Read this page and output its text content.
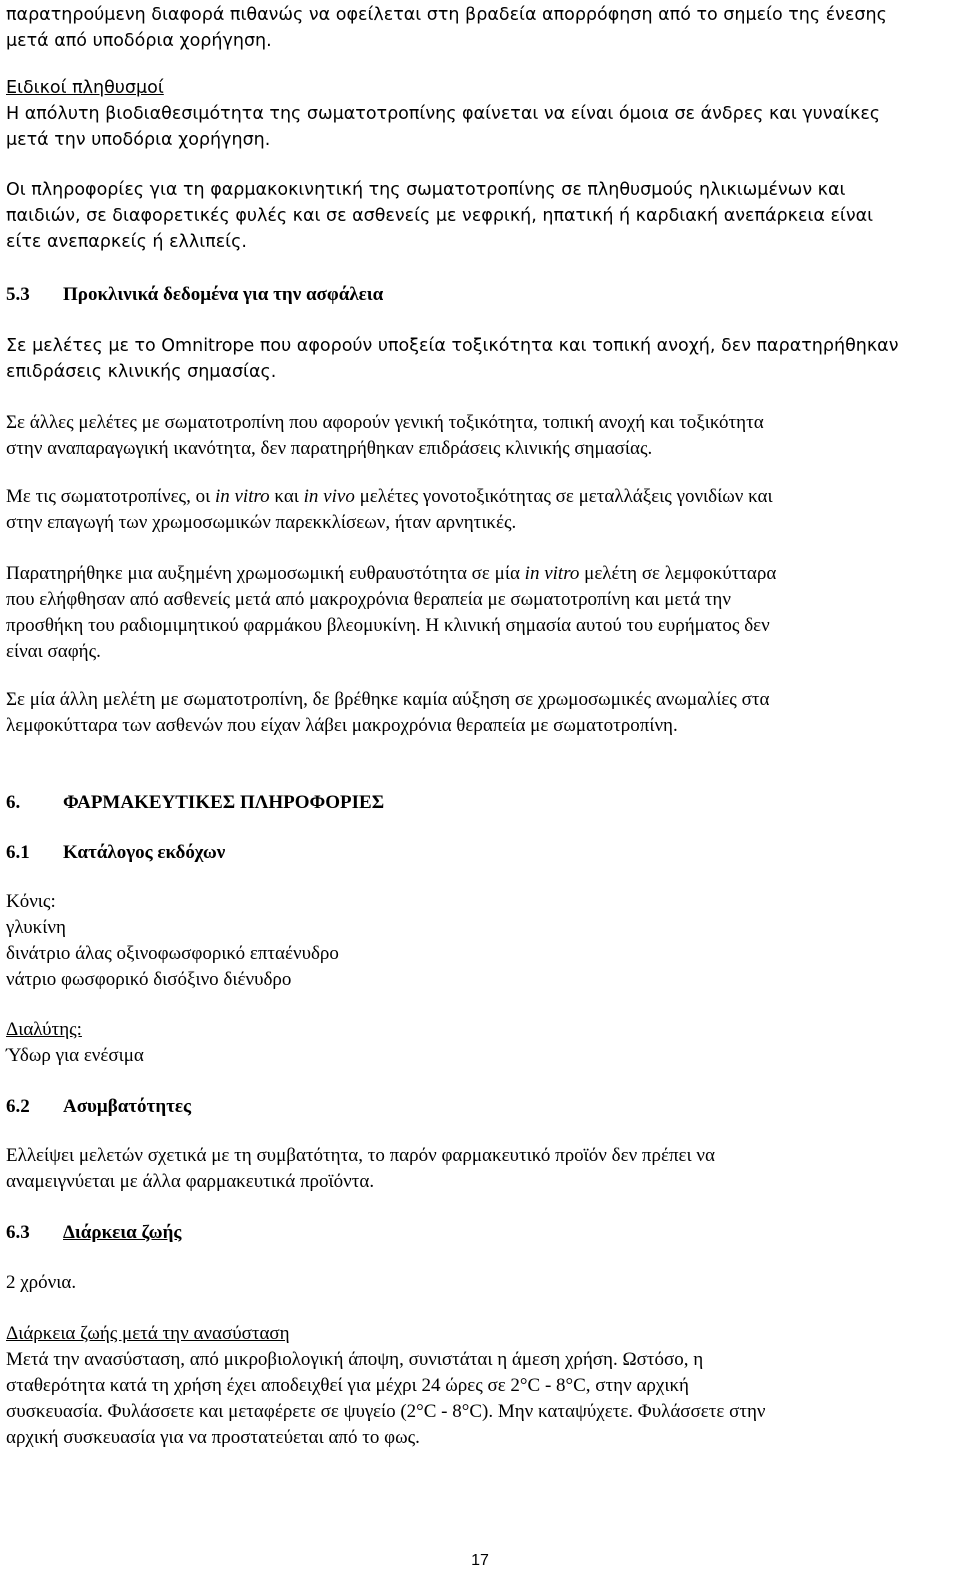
παρατηρούμενη διαφορά πιθανώς να οφείλεται στη βραδεία απορρόφηση από το σημείο της ένεσης

μετά από υποδόρια χορήγηση.

Ειδικοί πληθυσμοί

Η απόλυτη βιοδιαθεσιμότητα της σωματοτροπίνης φαίνεται να είναι όμοια σε άνδρες και γυναίκες

μετά την υποδόρια χορήγηση.

Οι πληροφορίες για τη φαρμακοκινητική της σωματοτροπίνης σε πληθυσμούς ηλικιωμένων και

παιδιών, σε διαφορετικές φυλές και σε ασθενείς με νεφρική, ηπατική ή καρδιακή ανεπάρκεια είναι

είτε ανεπαρκείς ή ελλιπείς.

5.3 Προκλινικά δεδομένα για την ασφάλεια

Σε μελέτες με το Omnitrope που αφορούν υποξεία τοξικότητα και τοπική ανοχή, δεν παρατηρήθηκαν

επιδράσεις κλινικής σημασίας.

Σε άλλες μελέτες με σωματοτροπίνη που αφορούν γενική τοξικότητα, τοπική ανοχή και τοξικότητα

στην αναπαραγωγική ικανότητα, δεν παρατηρήθηκαν επιδράσεις κλινικής σημασίας.

Με τις σωματοτροπίνες, οι in vitro και in vivo μελέτες γονοτοξικότητας σε μεταλλάξεις γονιδίων και

στην επαγωγή των χρωμοσωμικών παρεκκλίσεων, ήταν αρνητικές.

Παρατηρήθηκε μια αυξημένη χρωμοσωμική ευθραυστότητα σε μία in vitro μελέτη σε λεμφοκύτταρα

που ελήφθησαν από ασθενείς μετά από μακροχρόνια θεραπεία με σωματοτροπίνη και μετά την

προσθήκη του ραδιομιμητικού φαρμάκου βλεομυκίνη. Η κλινική σημασία αυτού του ευρήματος δεν

είναι σαφής.

Σε μία άλλη μελέτη με σωματοτροπίνη, δε βρέθηκε καμία αύξηση σε χρωμοσωμικές ανωμαλίες στα

λεμφοκύτταρα των ασθενών που είχαν λάβει μακροχρόνια θεραπεία με σωματοτροπίνη.

6. ΦΑΡΜΑΚΕΥΤΙΚΕΣ ΠΛΗΡΟΦΟΡΙΕΣ
6.1 Κατάλογος εκδόχων

Κόνις:

γλυκίνη

δινάτριο άλας οξινοφωσφορικό επταένυδρο

νάτριο φωσφορικό δισόξινο διένυδρο

Διαλύτης:

Ύδωρ για ενέσιμα

6.2 Ασυμβατότητες

Ελλείψει μελετών σχετικά με τη συμβατότητα, το παρόν φαρμακευτικό προϊόν δεν πρέπει να

αναμειγνύεται με άλλα φαρμακευτικά προϊόντα.

6.3 Διάρκεια ζωής

2 χρόνια.

Διάρκεια ζωής μετά την ανασύσταση

Μετά την ανασύσταση, από μικροβιολογική άποψη, συνιστάται η άμεση χρήση. Ωστόσο, η

σταθερότητα κατά τη χρήση έχει αποδειχθεί για μέχρι 24 ώρες σε 2°C - 8°C, στην αρχική

συσκευασία. Φυλάσσετε και μεταφέρετε σε ψυγείο (2°C - 8°C). Μην καταψύχετε. Φυλάσσετε στην

αρχική συσκευασία για να προστατεύεται από το φως.

17
